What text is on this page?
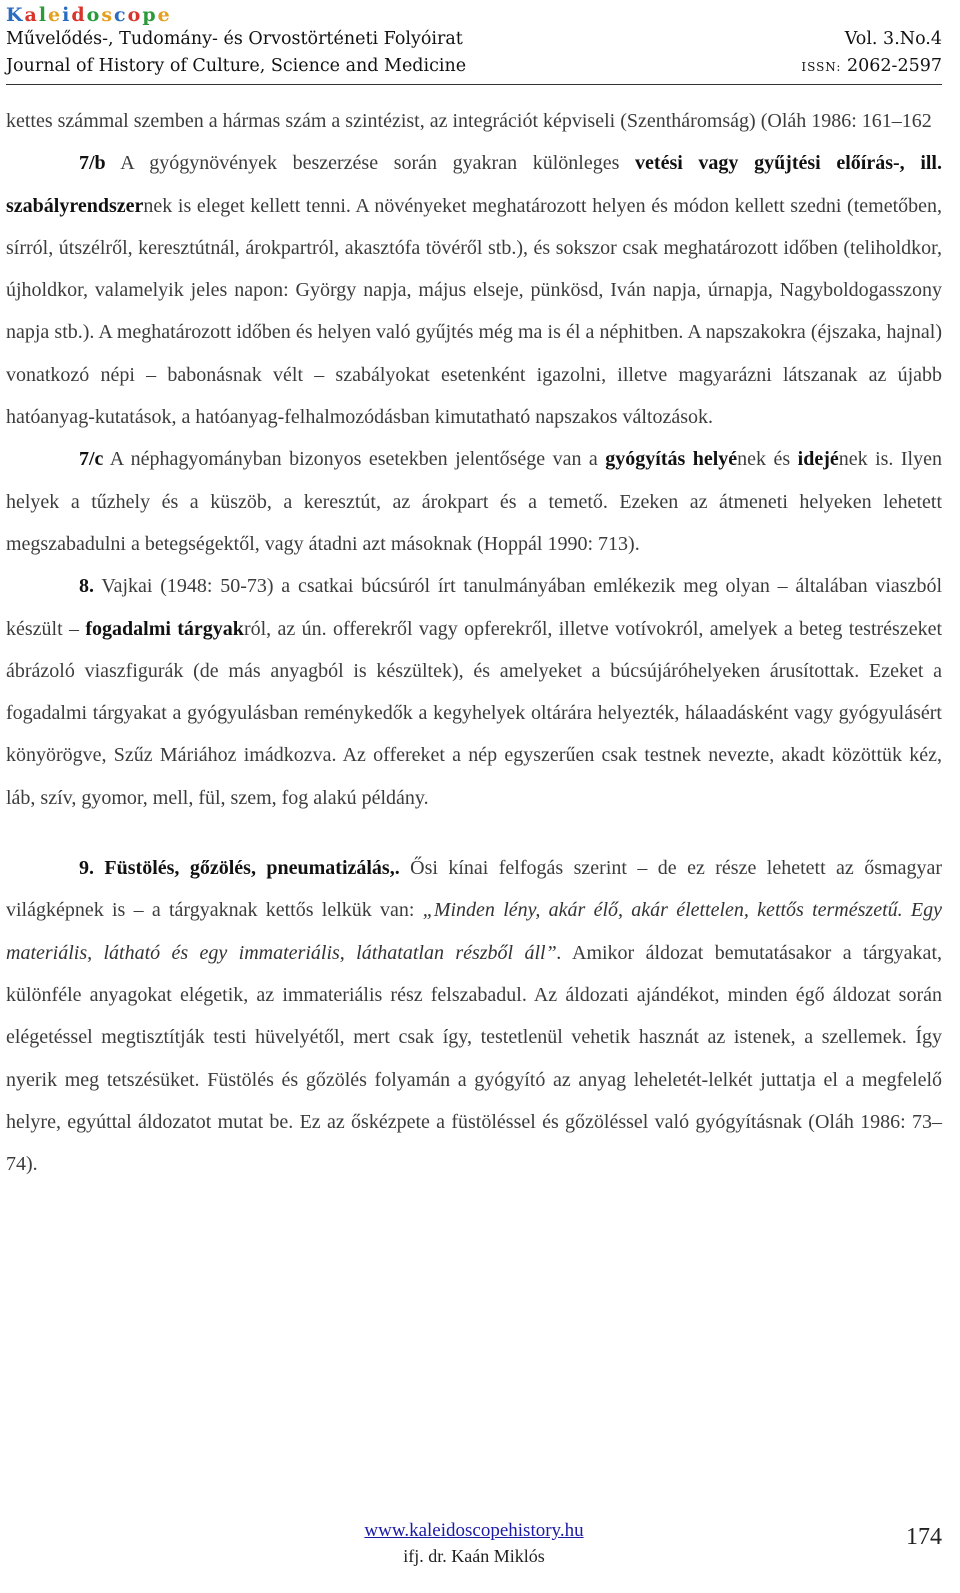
Kaleidoscope
Művelődés-, Tudomány- és Orvostörténeti Folyóirat	Vol. 3.No.4
Journal of History of Culture, Science and Medicine	ISSN: 2062-2597

kettes számmal szemben a hármas szám a szintézist, az integrációt képviseli (Szentháromság) (Oláh 1986: 161–162

7/b A gyógynövények beszerzése során gyakran különleges vetési vagy gyűjtési előírás-, ill. szabályrendszernek is eleget kellett tenni. A növényeket meghatározott helyen és módon kellett szedni (temetőben, sírról, útszélről, keresztútnál, árokpartról, akasztófa tövéről stb.), és sokszor csak meghatározott időben (teliholdkor, újholdkor, valamelyik jeles napon: György napja, május elseje, pünkösd, Iván napja, úrnapja, Nagyboldogasszony napja stb.). A meghatározott időben és helyen való gyűjtés még ma is él a néphitben. A napszakokra (éjszaka, hajnal) vonatkozó népi – babonásnak vélt – szabályokat esetenként igazolni, illetve magyarázni látszanak az újabb hatóanyag-kutatások, a hatóanyag-felhalmozódásban kimutatható napszakos változások.

7/c A néphagyományban bizonyos esetekben jelentősége van a gyógyítás helyének és idejének is. Ilyen helyek a tűzhely és a küszöb, a keresztút, az árokpart és a temető. Ezeken az átmeneti helyeken lehetett megszabadulni a betegségektől, vagy átadni azt másoknak (Hoppál 1990: 713).

8. Vajkai (1948: 50-73) a csatkai búcsúról írt tanulmányában emlékezik meg olyan – általában viaszból készült – fogadalmi tárgyakról, az ún. offerekről vagy opferekről, illetve votívokról, amelyek a beteg testrészeket ábrázoló viaszfigurák (de más anyagból is készültek), és amelyeket a búcsújáróhelyeken árusítottak. Ezeket a fogadalmi tárgyakat a gyógyulásban reménykedők a kegyhelyek oltárára helyezték, hálaadásként vagy gyógyulásért könyörögve, Szűz Máriához imádkozva. Az offereket a nép egyszerűen csak testnek nevezte, akadt közöttük kéz, láb, szív, gyomor, mell, fül, szem, fog alakú példány.

9. Füstölés, gőzölés, pneumatizálás,. Ősi kínai felfogás szerint – de ez része lehetett az ősmagyar világképnek is – a tárgyaknak kettős lelkük van: „Minden lény, akár élő, akár élettelen, kettős természetű. Egy materiális, látható és egy immateriális, láthatatlan részből áll”. Amikor áldozat bemutatásakor a tárgyakat, különféle anyagokat elégetik, az immateriális rész felszabadul. Az áldozati ajándékot, minden égő áldozat során elégetéssel megtisztítják testi hüvelyétől, mert csak így, testetlenül vehetik hasznát az istenek, a szellemek. Így nyerik meg tetszésüket. Füstölés és gőzölés folyamán a gyógyító az anyag leheletét-lelkét juttatja el a megfelelő helyre, egyúttal áldozatot mutat be. Ez az őskézpete a füstöléssel és gőzöléssel való gyógyításnak (Oláh 1986: 73–74).

www.kaleidoscopehistory.hu
ifj. dr. Kaán Miklós
174
